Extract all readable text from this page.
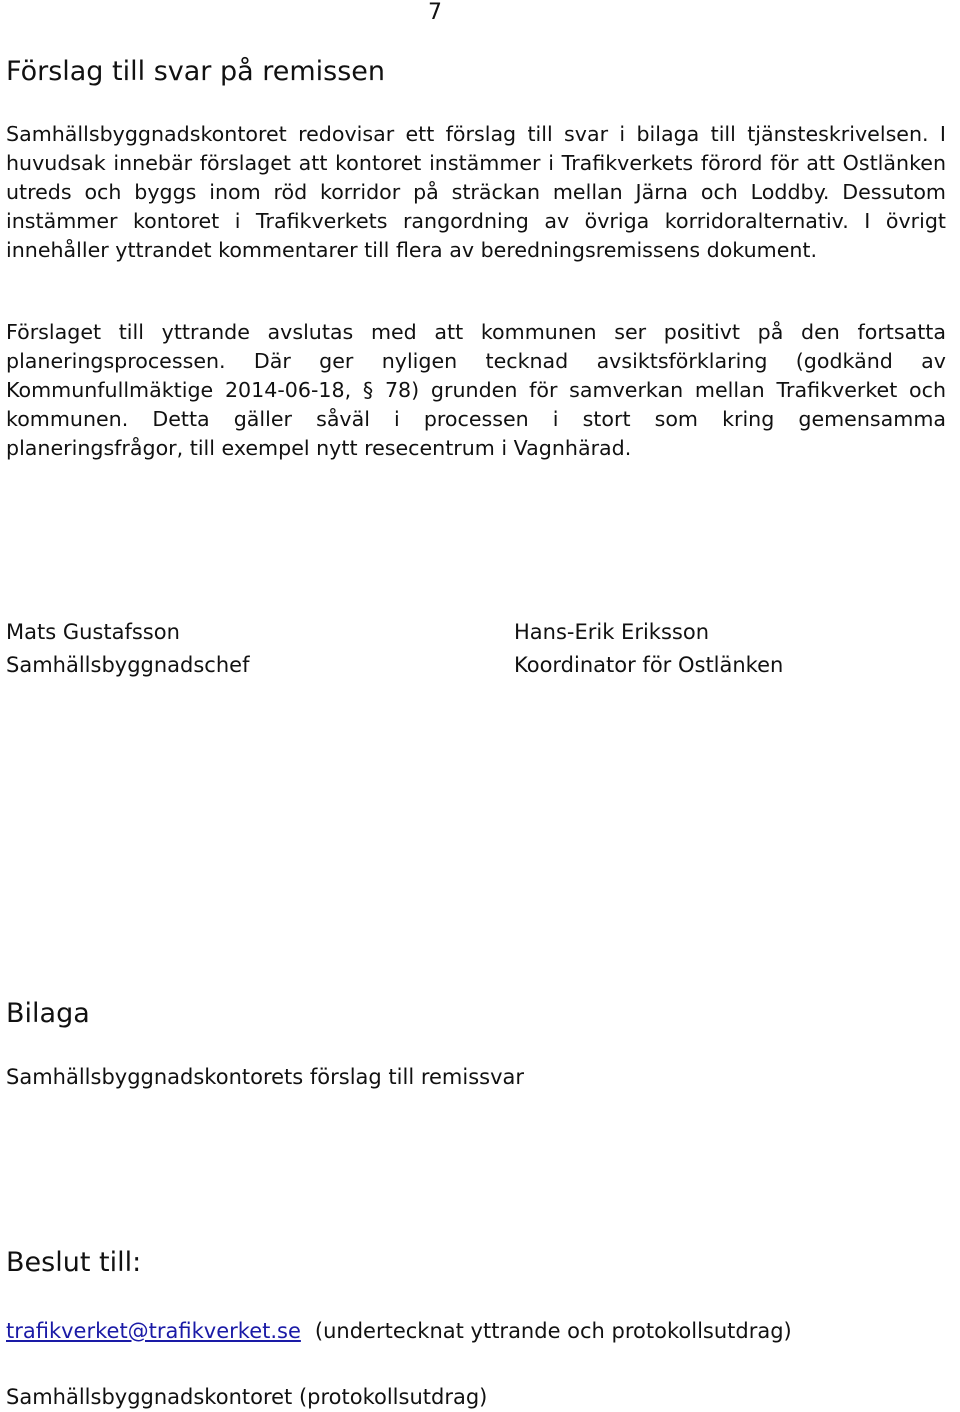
7
Förslag till svar på remissen

Samhällsbyggnadskontoret redovisar ett förslag till svar i bilaga till tjänsteskrivelsen. I huvudsak innebär förslaget att kontoret instämmer i Trafikverkets förord för att Ostlänken utreds och byggs inom röd korridor på sträckan mellan Järna och Loddby. Dessutom instämmer kontoret i Trafikverkets rangordning av övriga korridoralternativ. I övrigt innehåller yttrandet kommentarer till flera av beredningsremissens dokument.

Förslaget till yttrande avslutas med att kommunen ser positivt på den fortsatta planeringsprocessen. Där ger nyligen tecknad avsiktsförklaring (godkänd av Kommunfullmäktige 2014-06-18, § 78) grunden för samverkan mellan Trafikverket och kommunen. Detta gäller såväl i processen i stort som kring gemensamma planeringsfrågor, till exempel nytt resecentrum i Vagnhärad.

Mats Gustafsson
Samhällsbyggnadschef
Hans-Erik Eriksson
Koordinator för Ostlänken
Bilaga
Samhällsbyggnadskontorets förslag till remissvar
Beslut till:
trafikverket@trafikverket.se (undertecknat yttrande och protokollsutdrag)
Samhällsbyggnadskontoret (protokollsutdrag)
